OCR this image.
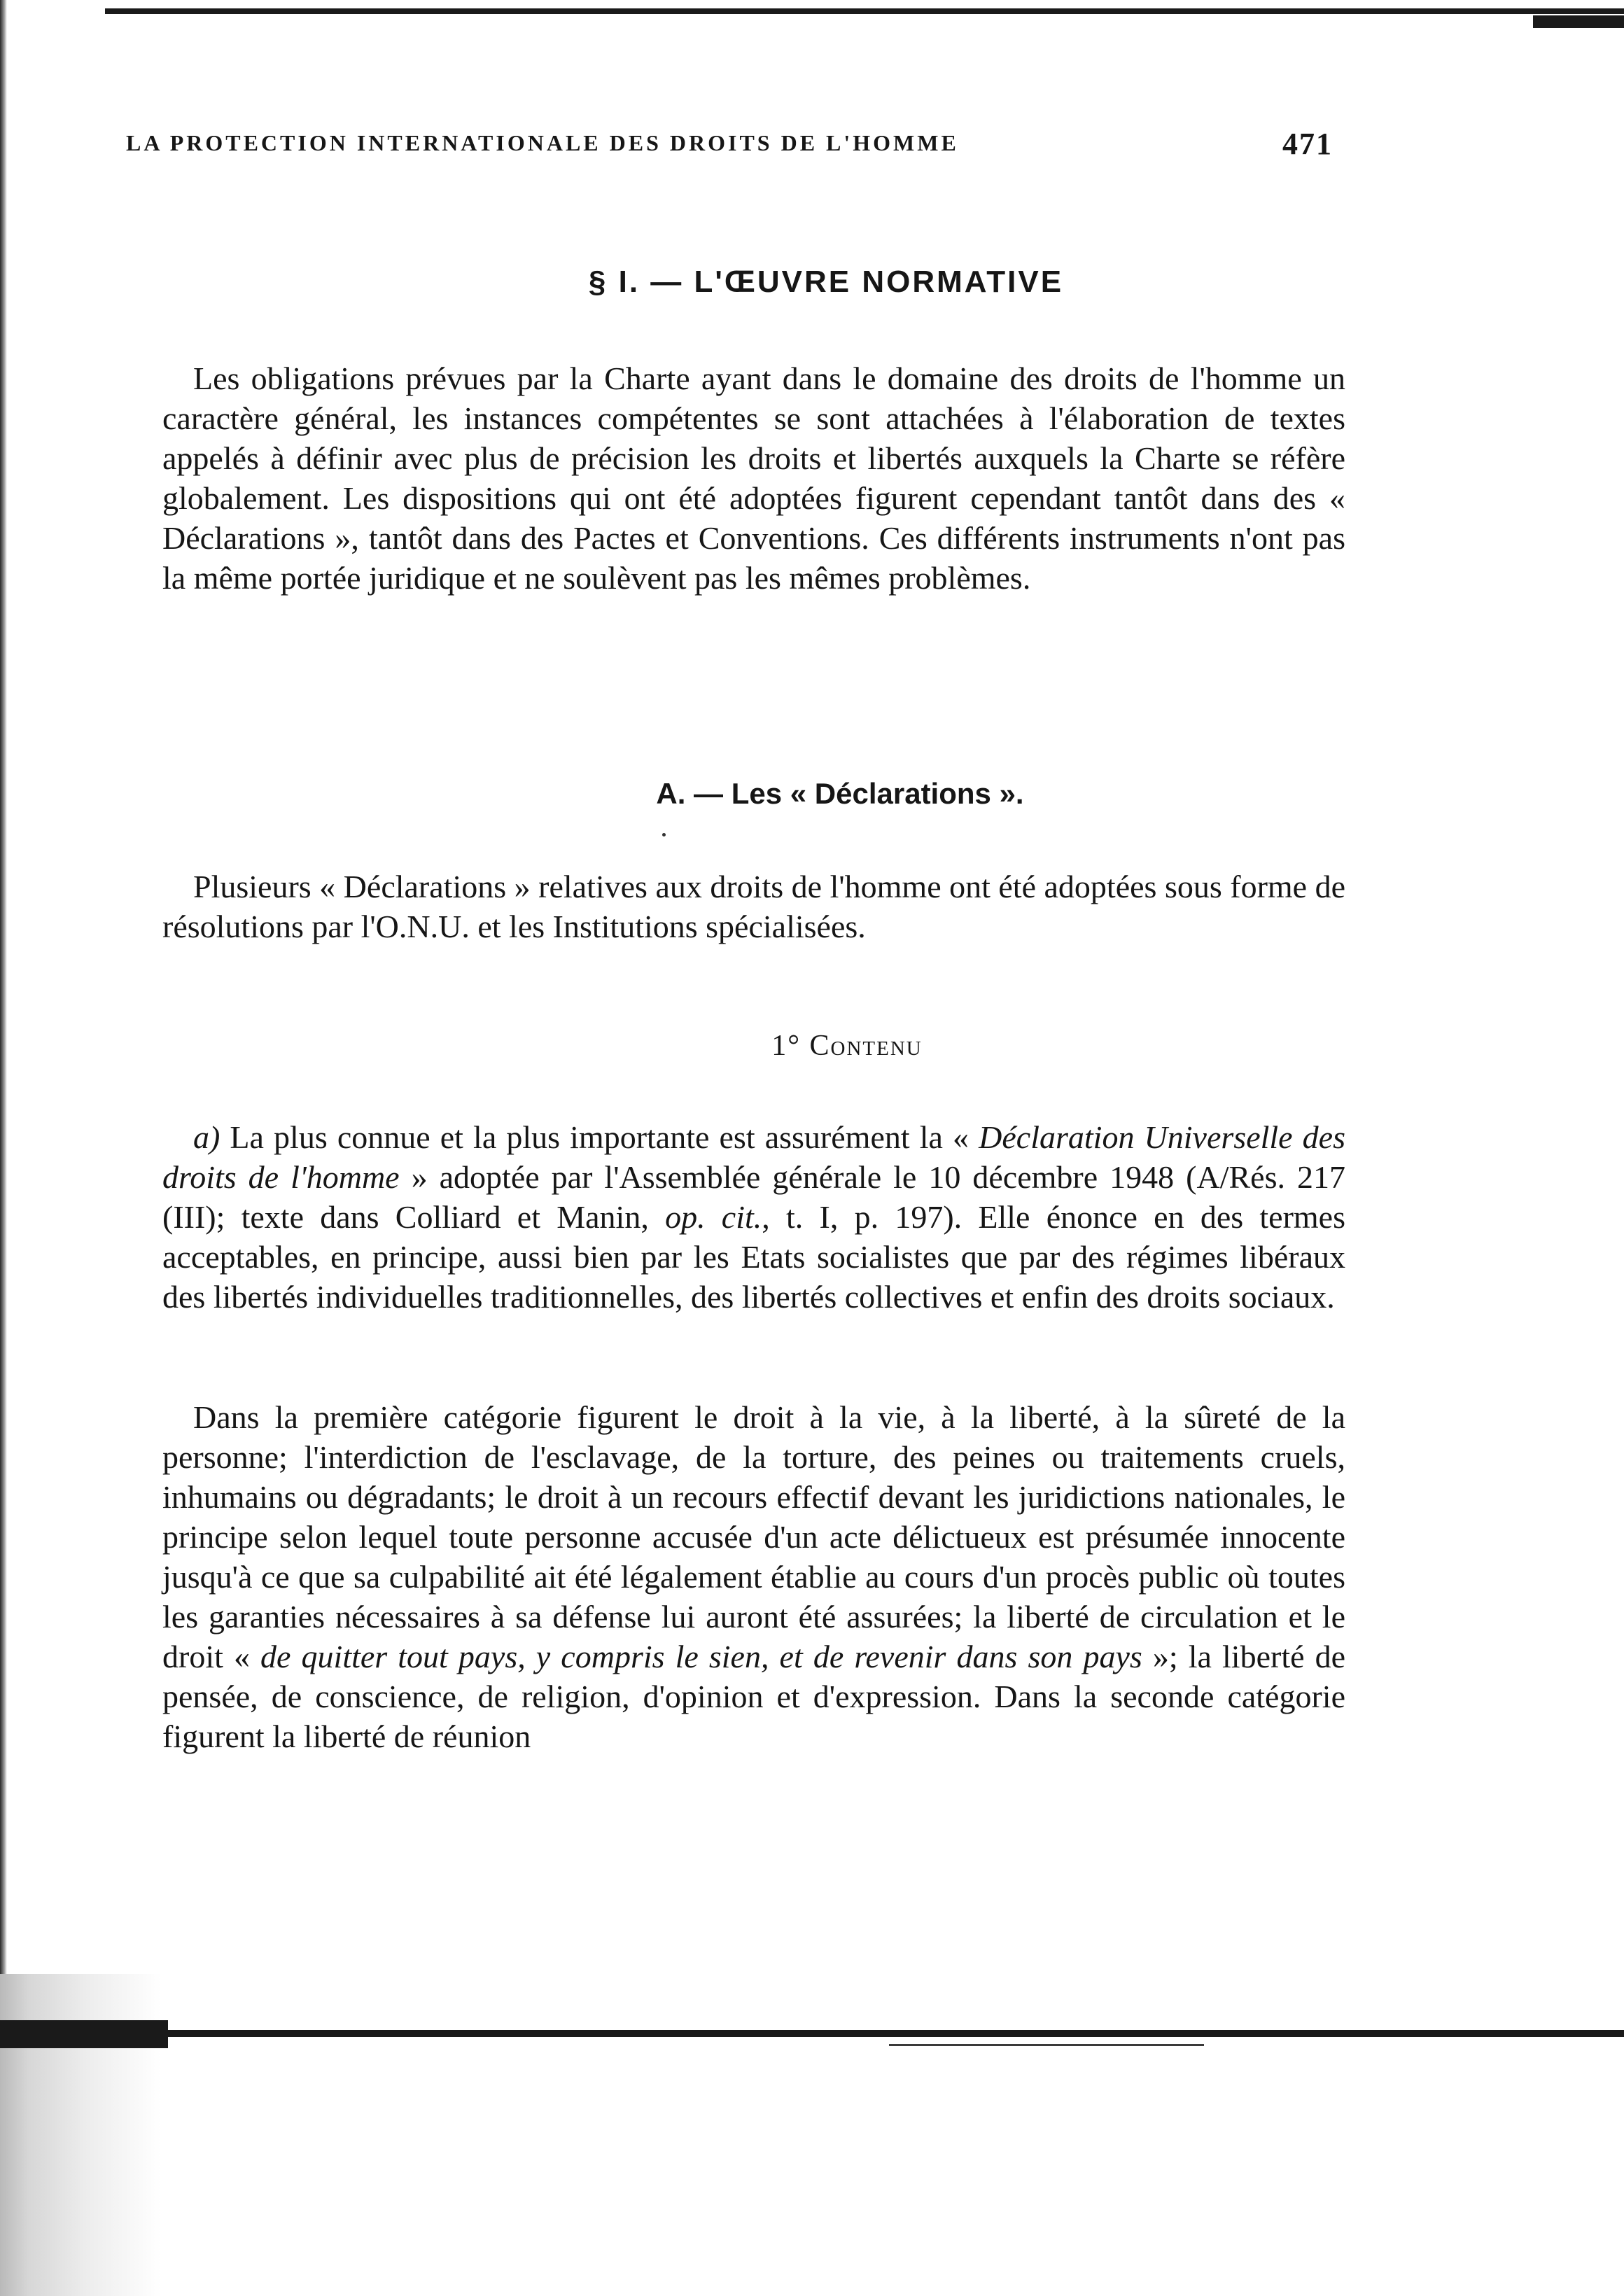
LA PROTECTION INTERNATIONALE DES DROITS DE L'HOMME	471
§ I. — L'ŒUVRE NORMATIVE

Les obligations prévues par la Charte ayant dans le domaine des droits de l'homme un caractère général, les instances compétentes se sont attachées à l'élaboration de textes appelés à définir avec plus de précision les droits et libertés auxquels la Charte se réfère globalement. Les dispositions qui ont été adoptées figurent cependant tantôt dans des « Déclarations », tantôt dans des Pactes et Conventions. Ces différents instruments n'ont pas la même portée juridique et ne soulèvent pas les mêmes problèmes.

A. — Les « Déclarations ».

Plusieurs « Déclarations » relatives aux droits de l'homme ont été adoptées sous forme de résolutions par l'O.N.U. et les Institutions spécialisées.

1° Contenu

a) La plus connue et la plus importante est assurément la « Déclaration Universelle des droits de l'homme » adoptée par l'Assemblée générale le 10 décembre 1948 (A/Rés. 217 (III); texte dans Colliard et Manin, op. cit., t. I, p. 197). Elle énonce en des termes acceptables, en principe, aussi bien par les Etats socialistes que par des régimes libéraux des libertés individuelles traditionnelles, des libertés collectives et enfin des droits sociaux.

Dans la première catégorie figurent le droit à la vie, à la liberté, à la sûreté de la personne; l'interdiction de l'esclavage, de la torture, des peines ou traitements cruels, inhumains ou dégradants; le droit à un recours effectif devant les juridictions nationales, le principe selon lequel toute personne accusée d'un acte délictueux est présumée innocente jusqu'à ce que sa culpabilité ait été légalement établie au cours d'un procès public où toutes les garanties nécessaires à sa défense lui auront été assurées; la liberté de circulation et le droit « de quitter tout pays, y compris le sien, et de revenir dans son pays »; la liberté de pensée, de conscience, de religion, d'opinion et d'expression. Dans la seconde catégorie figurent la liberté de réunion
